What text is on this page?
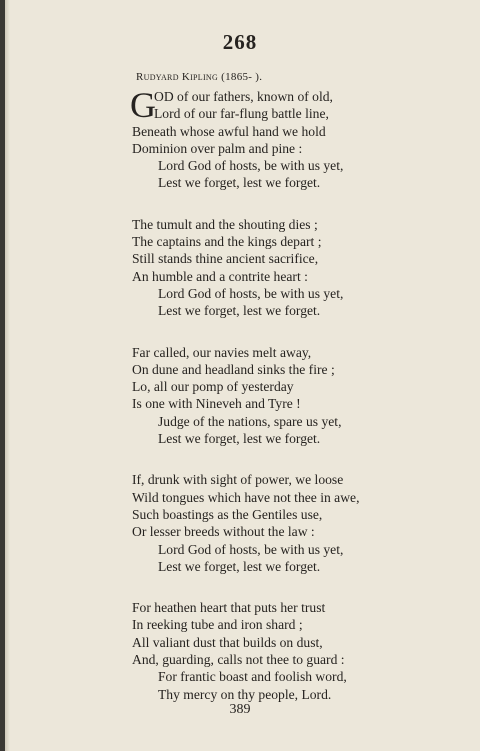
268
Rudyard Kipling (1865- ).
G
OD of our fathers, known of old,
Lord of our far-flung battle line,
Beneath whose awful hand we hold
Dominion over palm and pine :
Lord God of hosts, be with us yet,
Lest we forget, lest we forget.
The tumult and the shouting dies ;
The captains and the kings depart ;
Still stands thine ancient sacrifice,
An humble and a contrite heart :
Lord God of hosts, be with us yet,
Lest we forget, lest we forget.
Far called, our navies melt away,
On dune and headland sinks the fire ;
Lo, all our pomp of yesterday
Is one with Nineveh and Tyre !
Judge of the nations, spare us yet,
Lest we forget, lest we forget.
If, drunk with sight of power, we loose
Wild tongues which have not thee in awe,
Such boastings as the Gentiles use,
Or lesser breeds without the law :
Lord God of hosts, be with us yet,
Lest we forget, lest we forget.
For heathen heart that puts her trust
In reeking tube and iron shard ;
All valiant dust that builds on dust,
And, guarding, calls not thee to guard :
For frantic boast and foolish word,
Thy mercy on thy people, Lord.
389
